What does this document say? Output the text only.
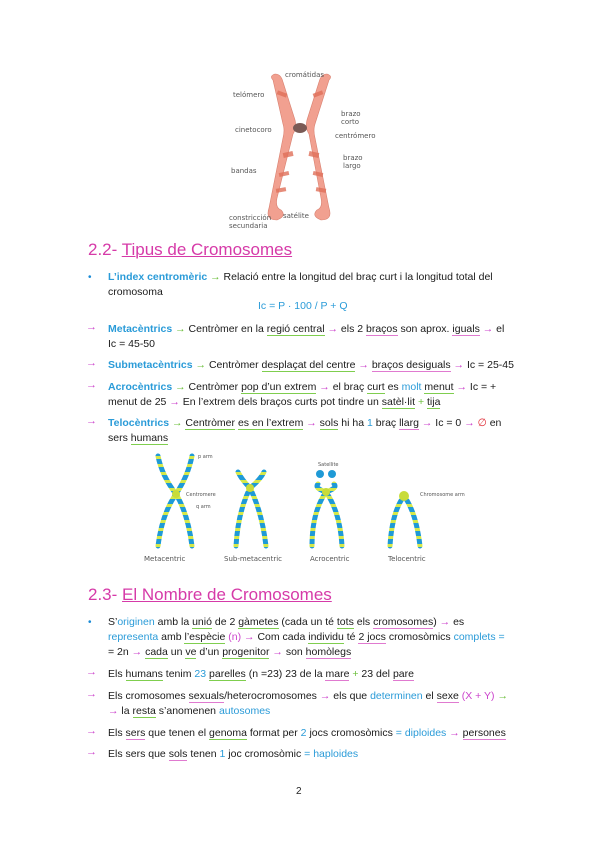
cromátidas
telómero
brazo corto
cinetocoro
centrómero
bandas
brazo largo
satélite
constricción secundaria
2.2- Tipus de Cromosomes
• L’index centromèric → Relació entre la longitud del braç curt i la longitud total del
cromosoma
Ic = P · 100 / P + Q
→ Metacèntrics → Centròmer en la regió central → els 2 braços son aprox. iguals → el
Ic = 45-50
→ Submetacèntrics → Centròmer desplaçat del centre → braços desiguals → Ic = 25-45
→ Acrocèntrics → Centròmer pop d’un extrem → el braç curt es molt menut → Ic = +
menut de 25 → En l’extrem dels braços curts pot tindre un satèl·lit + tija
→ Telocèntrics → Centròmer es en l’extrem → sols hi ha 1 braç llarg → Ic = 0 → ∅ en
sers humans
Metacentric	Sub-metacentric	Acrocentric	Telocentric
p arm
Centromere
q arm
Satellite
Chromosome arm
2.3- El Nombre de Cromosomes
• S’originen amb la unió de 2 gàmetes (cada un té tots els cromosomes) → es
representa amb l’espècie (n) → Com cada individu té 2 jocs cromosòmics complets =
= 2n → cada un ve d’un progenitor → son homòlegs
→ Els humans tenim 23 parelles (n =23) 23 de la mare + 23 del pare
→ Els cromosomes sexuals/heterocromosomes → els que determinen el sexe (X + Y) →
→ la resta s’anomenen autosomes
→ Els sers que tenen el genoma format per 2 jocs cromosòmics = diploides → persones
→ Els sers que sols tenen 1 joc cromosòmic = haploides
2
